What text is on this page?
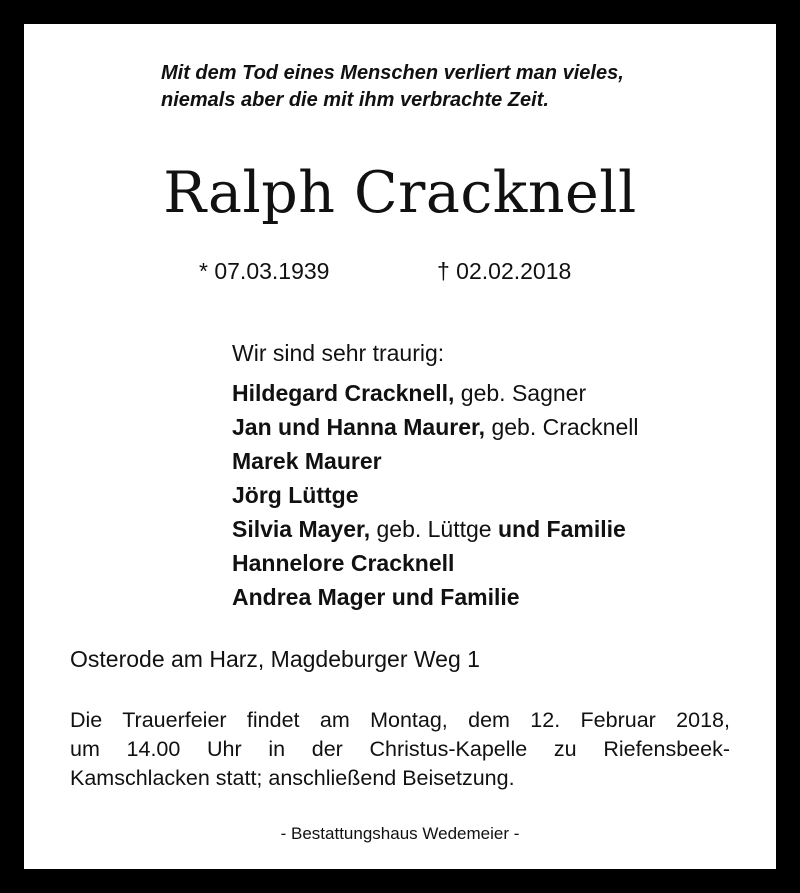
Mit dem Tod eines Menschen verliert man vieles,
niemals aber die mit ihm verbrachte Zeit.
Ralph Cracknell
* 07.03.1939	† 02.02.2018
Wir sind sehr traurig:
Hildegard Cracknell, geb. Sagner
Jan und Hanna Maurer, geb. Cracknell
Marek Maurer
Jörg Lüttge
Silvia Mayer, geb. Lüttge und Familie
Hannelore Cracknell
Andrea Mager und Familie
Osterode am Harz, Magdeburger Weg 1
Die Trauerfeier findet am Montag, dem 12. Februar 2018,
um 14.00 Uhr in der Christus-Kapelle zu Riefensbeek-
Kamschlacken statt; anschließend Beisetzung.
- Bestattungshaus Wedemeier -
